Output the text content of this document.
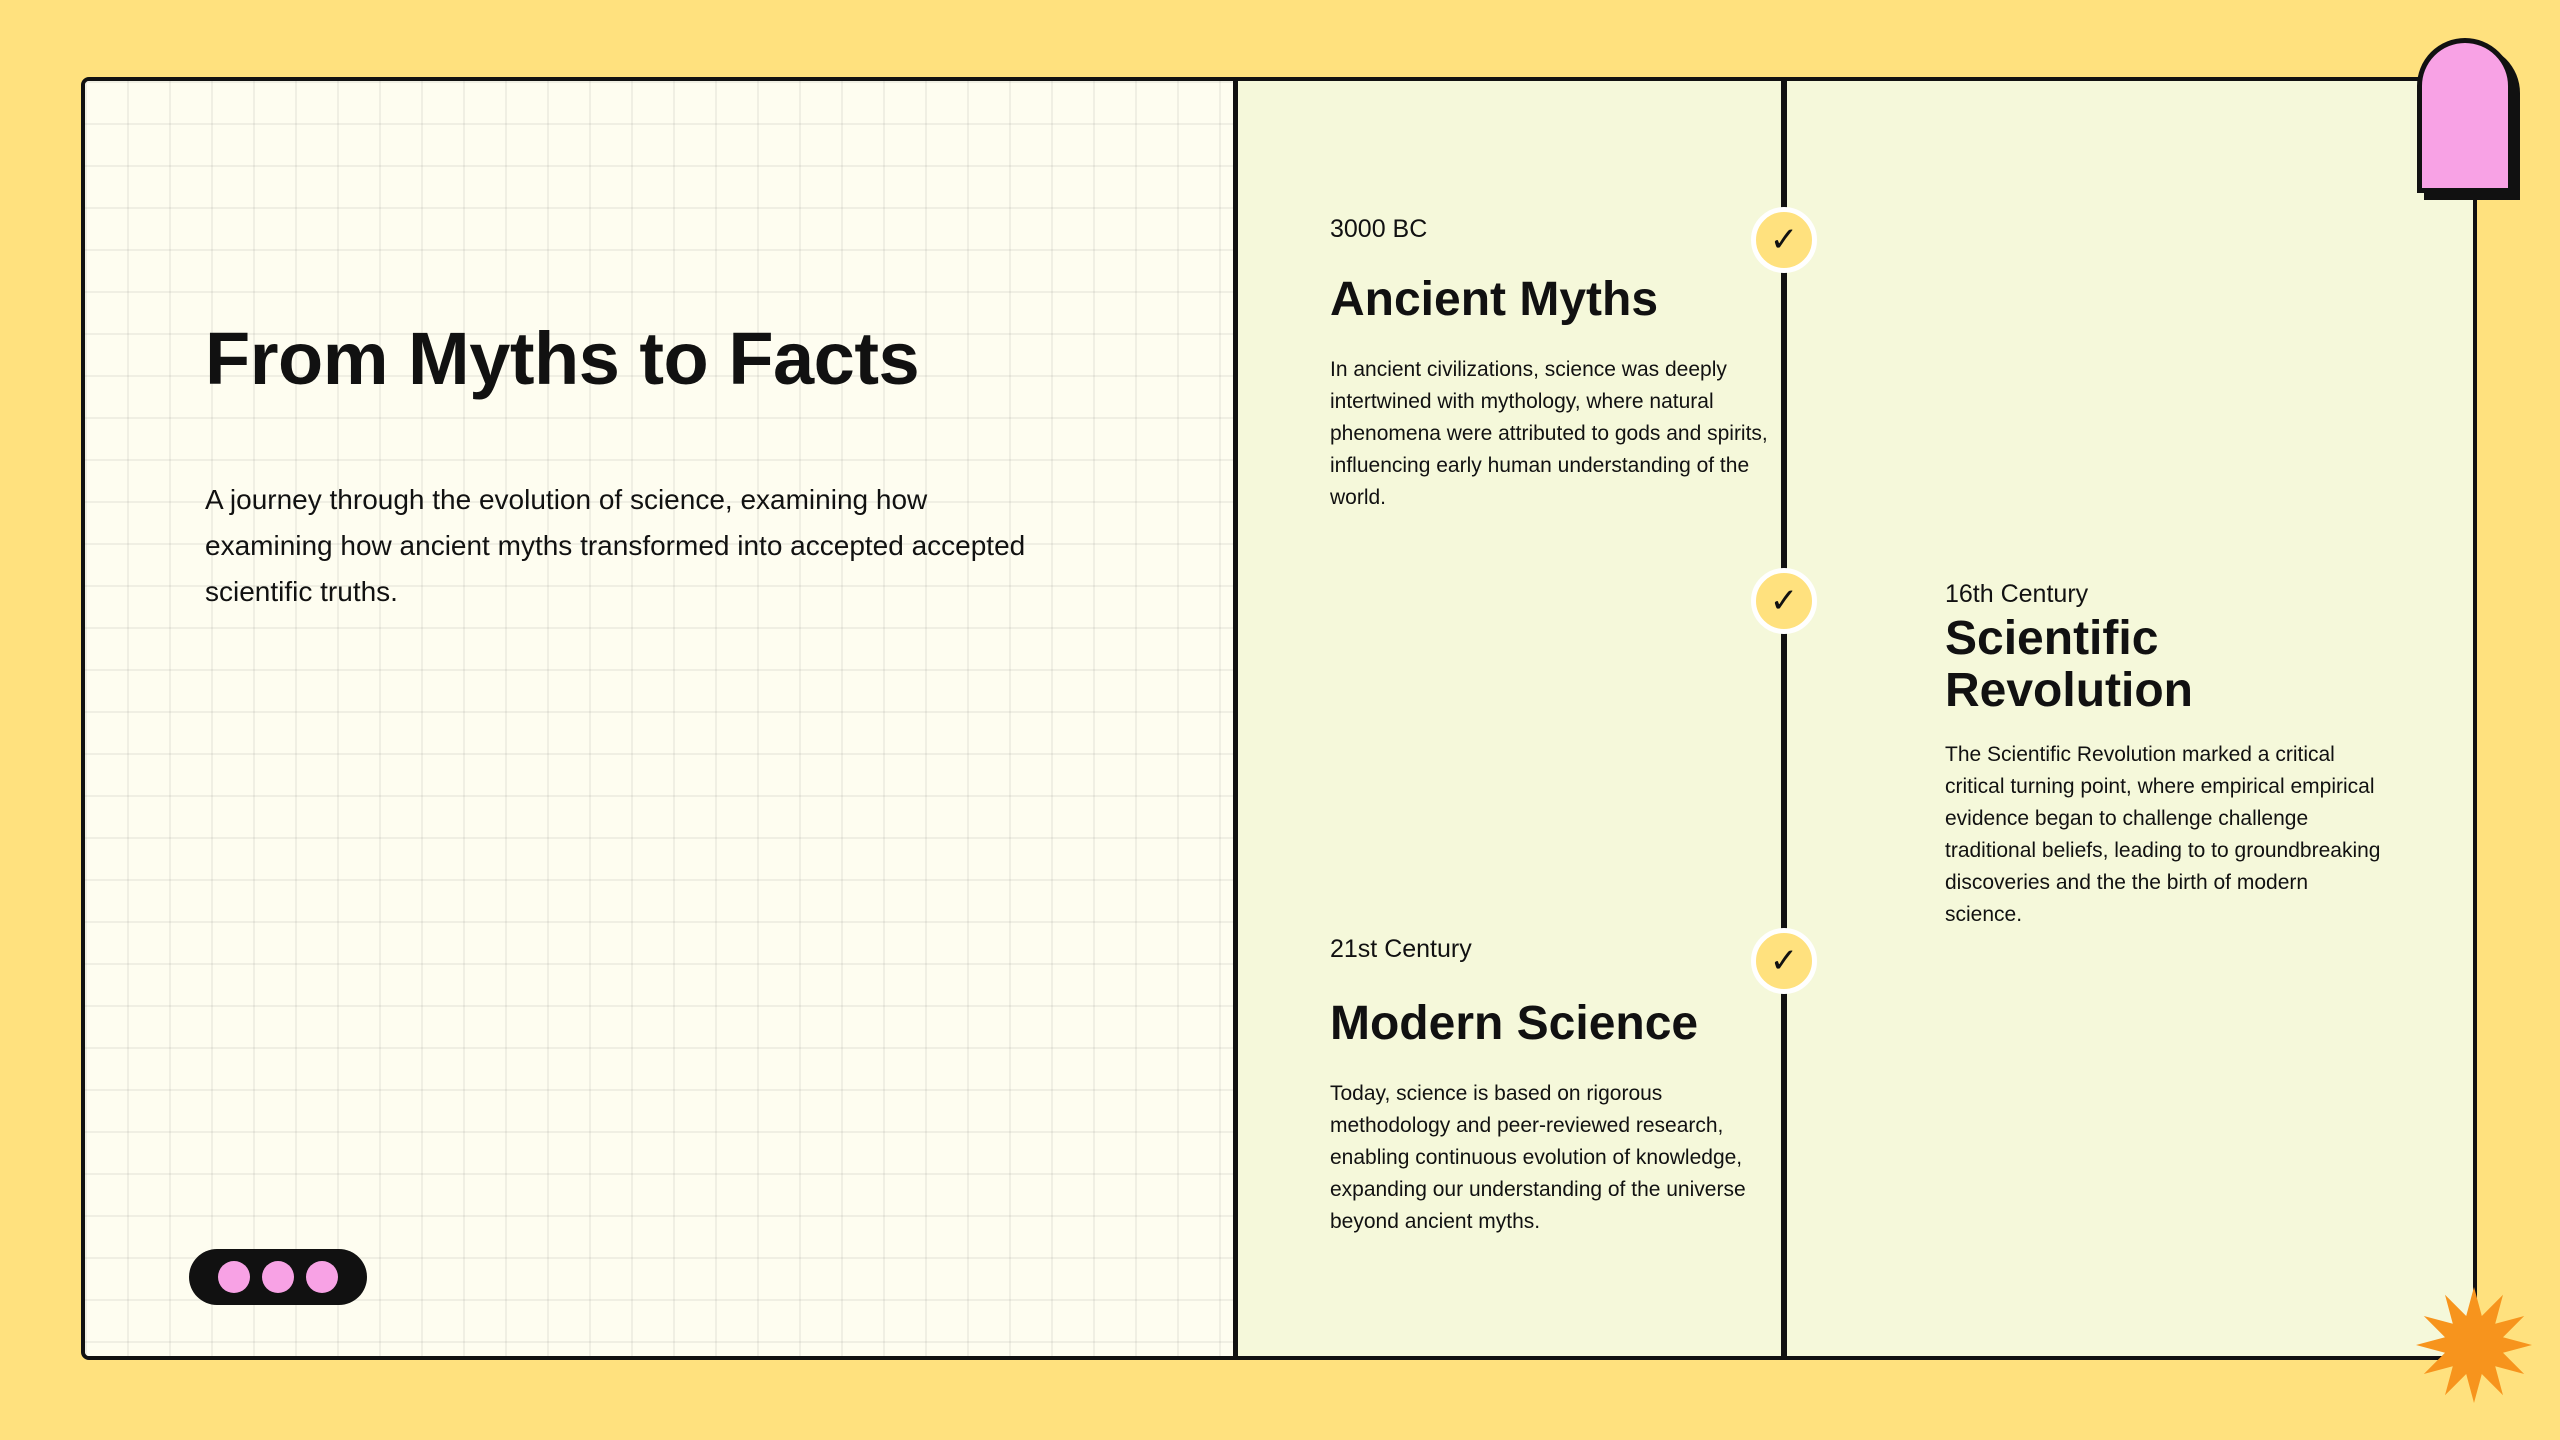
From Myths to Facts

A journey through the evolution of science, examining how examining how ancient myths transformed into accepted accepted scientific truths.

✓
✓
✓

3000 BC

Ancient Myths

In ancient civilizations, science was deeply intertwined with mythology, where natural phenomena were attributed to gods and spirits, influencing early human understanding of the world.

16th Century

Scientific Revolution

The Scientific Revolution marked a critical critical turning point, where empirical empirical evidence began to challenge challenge traditional beliefs, leading to to groundbreaking discoveries and the the birth of modern science.

21st Century

Modern Science

Today, science is based on rigorous methodology and peer-reviewed research, enabling continuous evolution of knowledge, expanding our understanding of the universe beyond ancient myths.
